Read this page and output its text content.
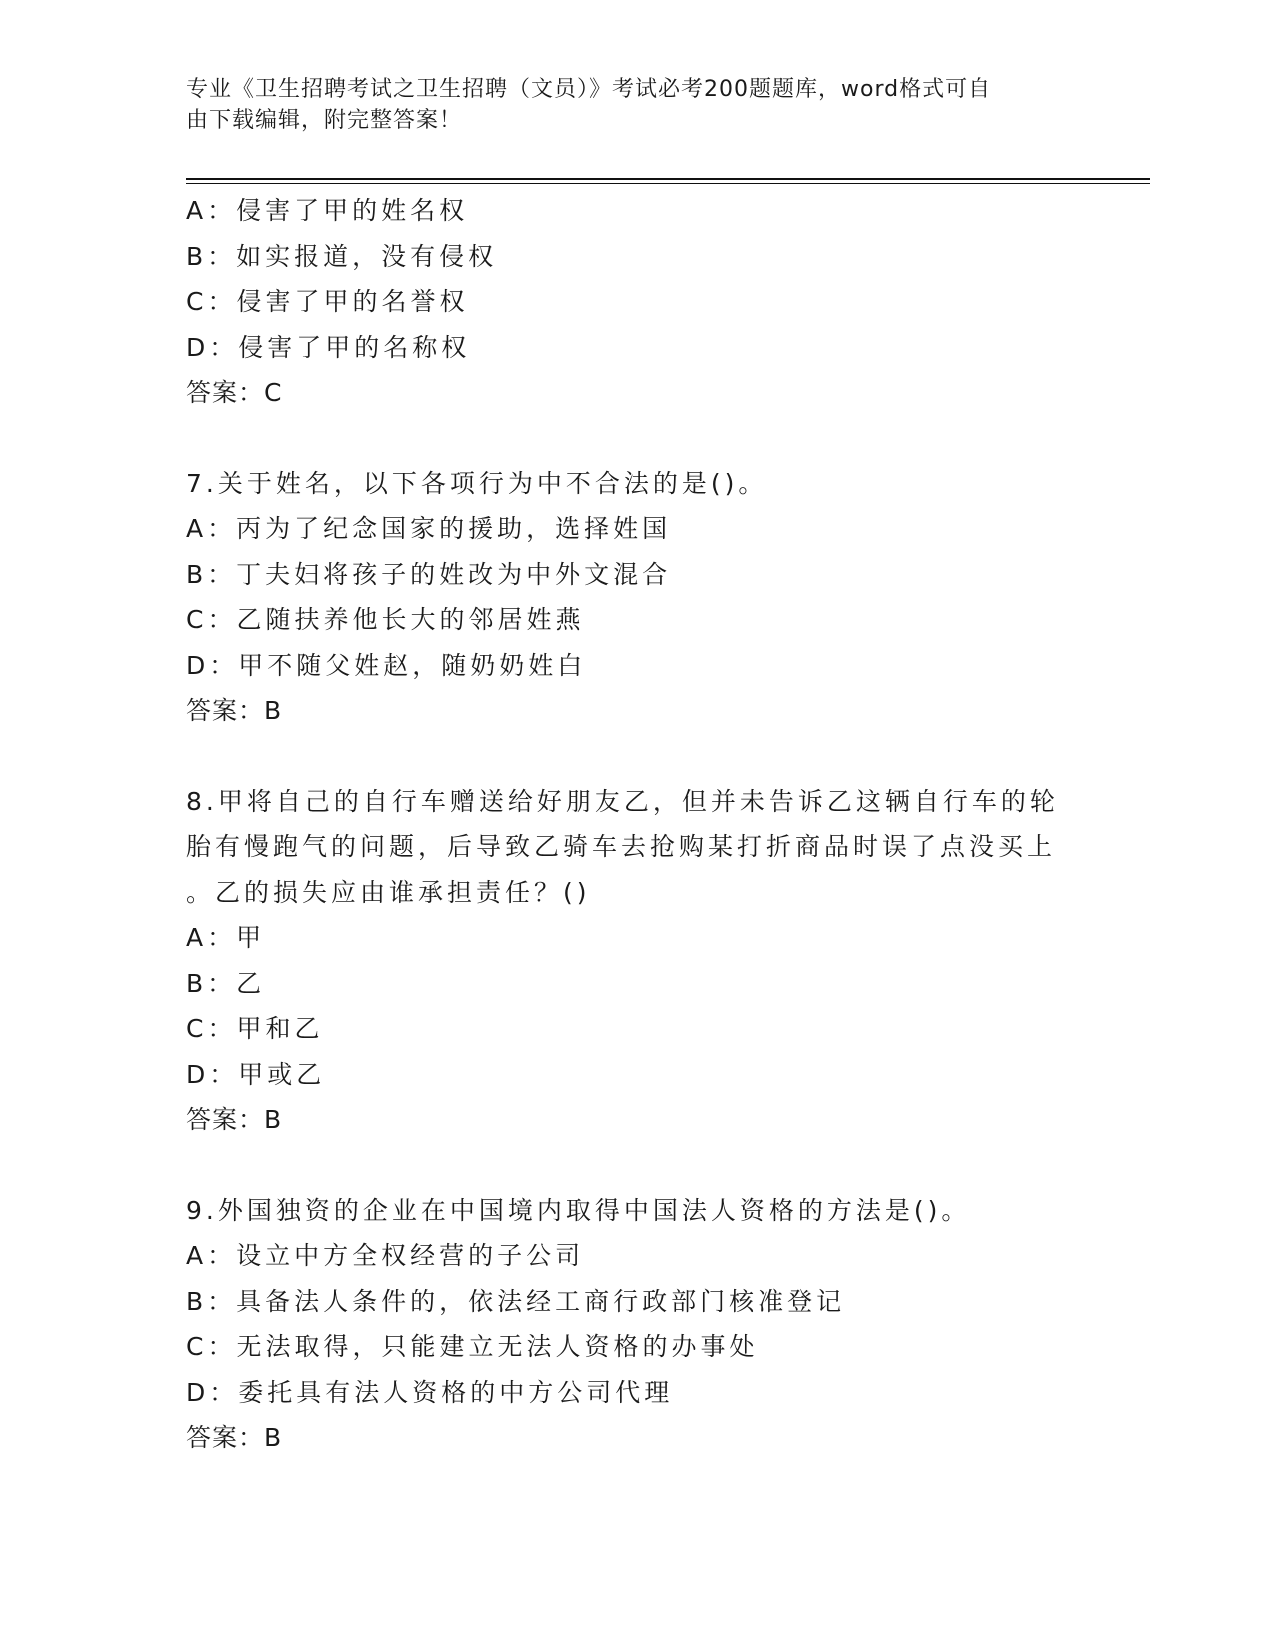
专业《卫生招聘考试之卫生招聘（文员）》考试必考200题题库，word格式可自
由下载编辑，附完整答案！
A：侵害了甲的姓名权
B：如实报道，没有侵权
C：侵害了甲的名誉权
D：侵害了甲的名称权
答案：C
7.关于姓名，以下各项行为中不合法的是()。
A：丙为了纪念国家的援助，选择姓国
B：丁夫妇将孩子的姓改为中外文混合
C：乙随扶养他长大的邻居姓燕
D：甲不随父姓赵，随奶奶姓白
答案：B
8.甲将自己的自行车赠送给好朋友乙，但并未告诉乙这辆自行车的轮
胎有慢跑气的问题，后导致乙骑车去抢购某打折商品时误了点没买上
。乙的损失应由谁承担责任？()
A：甲
B：乙
C：甲和乙
D：甲或乙
答案：B
9.外国独资的企业在中国境内取得中国法人资格的方法是()。
A：设立中方全权经营的子公司
B：具备法人条件的，依法经工商行政部门核准登记
C：无法取得，只能建立无法人资格的办事处
D：委托具有法人资格的中方公司代理
答案：B
